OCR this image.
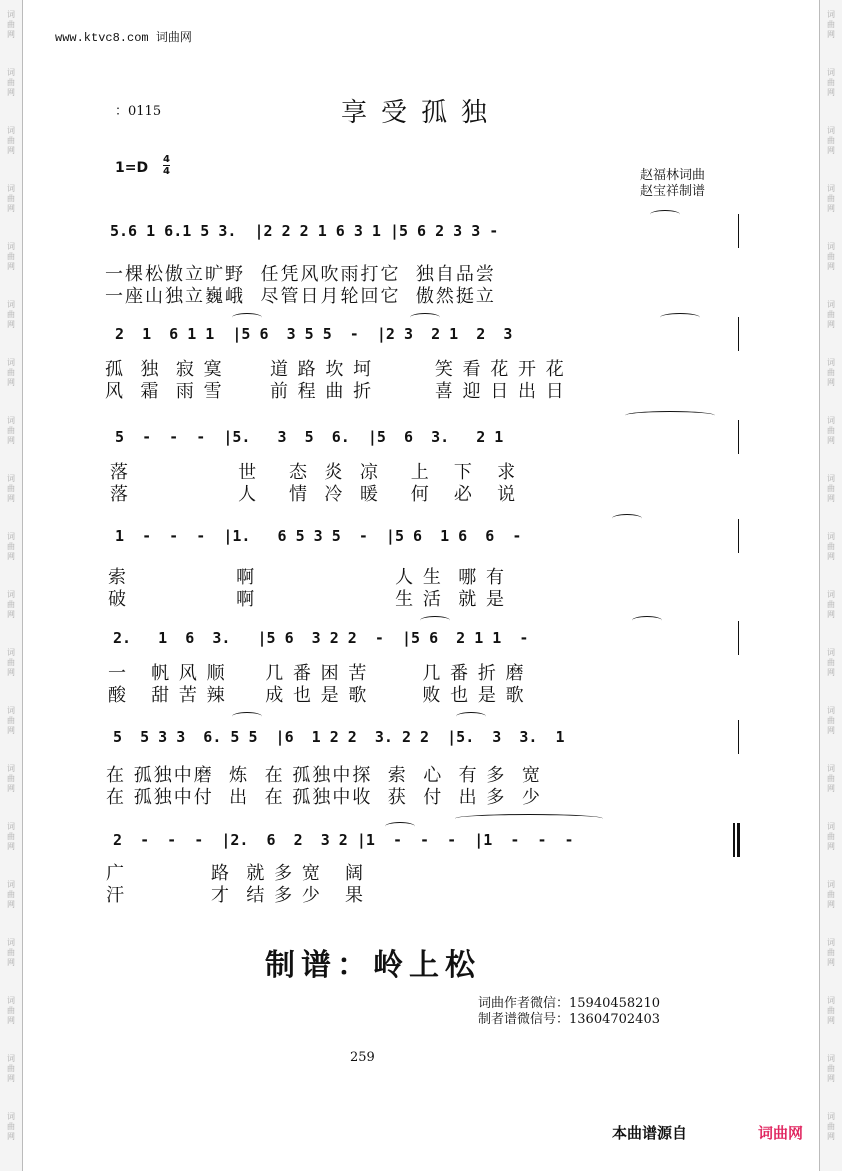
词
曲
网
词
曲
网
词
曲
网
词
曲
网
词
曲
网
词
曲
网
词
曲
网
词
曲
网
词
曲
网
词
曲
网
词
曲
网
词
曲
网
词
曲
网
词
曲
网
词
曲
网
词
曲
网
词
曲
网
词
曲
网
词
曲
网
词
曲
网
词
曲
网
词
曲
网
词
曲
网
词
曲
网
词
曲
网
词
曲
网
词
曲
网
词
曲
网
词
曲
网
词
曲
网
词
曲
网
词
曲
网
词
曲
网
词
曲
网
词
曲
网
词
曲
网
词
曲
网
词
曲
网
词
曲
网
词
曲
网
www.ktvc8.com 词曲网
：0115	享受孤独
1=D
4
4	赵福林词曲
赵宝祥制谱
5.6 1 6.1 5 3.  |2 2 2 1 6 3 1 |5 6 2 3 3 -
一棵松傲立旷野  任凭风吹雨打它  独自品尝
一座山独立巍峨  尽管日月轮回它  傲然挺立
2  1  6 1 1  |5 6  3 5 5  -  |2 3  2 1  2  3
孤  独  寂 寞      道 路 坎 坷        笑 看 花 开 花
风  霜  雨 雪      前 程 曲 折        喜 迎 日 出 日
5  -  -  -  |5.   3  5  6.  |5  6  3.   2 1
落              世    态  炎  凉    上   下   求
落              人    情  冷  暖    何   必   说
1  -  -  -  |1.   6 5 3 5  -  |5 6  1 6  6  -
索              啊                  人 生  哪 有
破              啊                  生 活  就 是
2.   1  6  3.   |5 6  3 2 2  -  |5 6  2 1 1  -
一   帆 风 顺     几 番 困 苦       几 番 折 磨
酸   甜 苦 辣     成 也 是 歌       败 也 是 歌
5  5 3 3  6. 5 5  |6  1 2 2  3. 2 2  |5.  3  3.  1
在 孤独中磨  炼  在 孤独中探  索  心  有 多  宽
在 孤独中付  出  在 孤独中收  获  付  出 多  少
2  -  -  -  |2.  6  2  3 2 |1  -  -  -  |1  -  -  -
广           路  就 多 宽   阔
汗           才  结 多 少   果
制谱：岭上松
词曲作者微信：15940458210
制者谱微信号：13604702403
259
本曲谱源自	词曲网
